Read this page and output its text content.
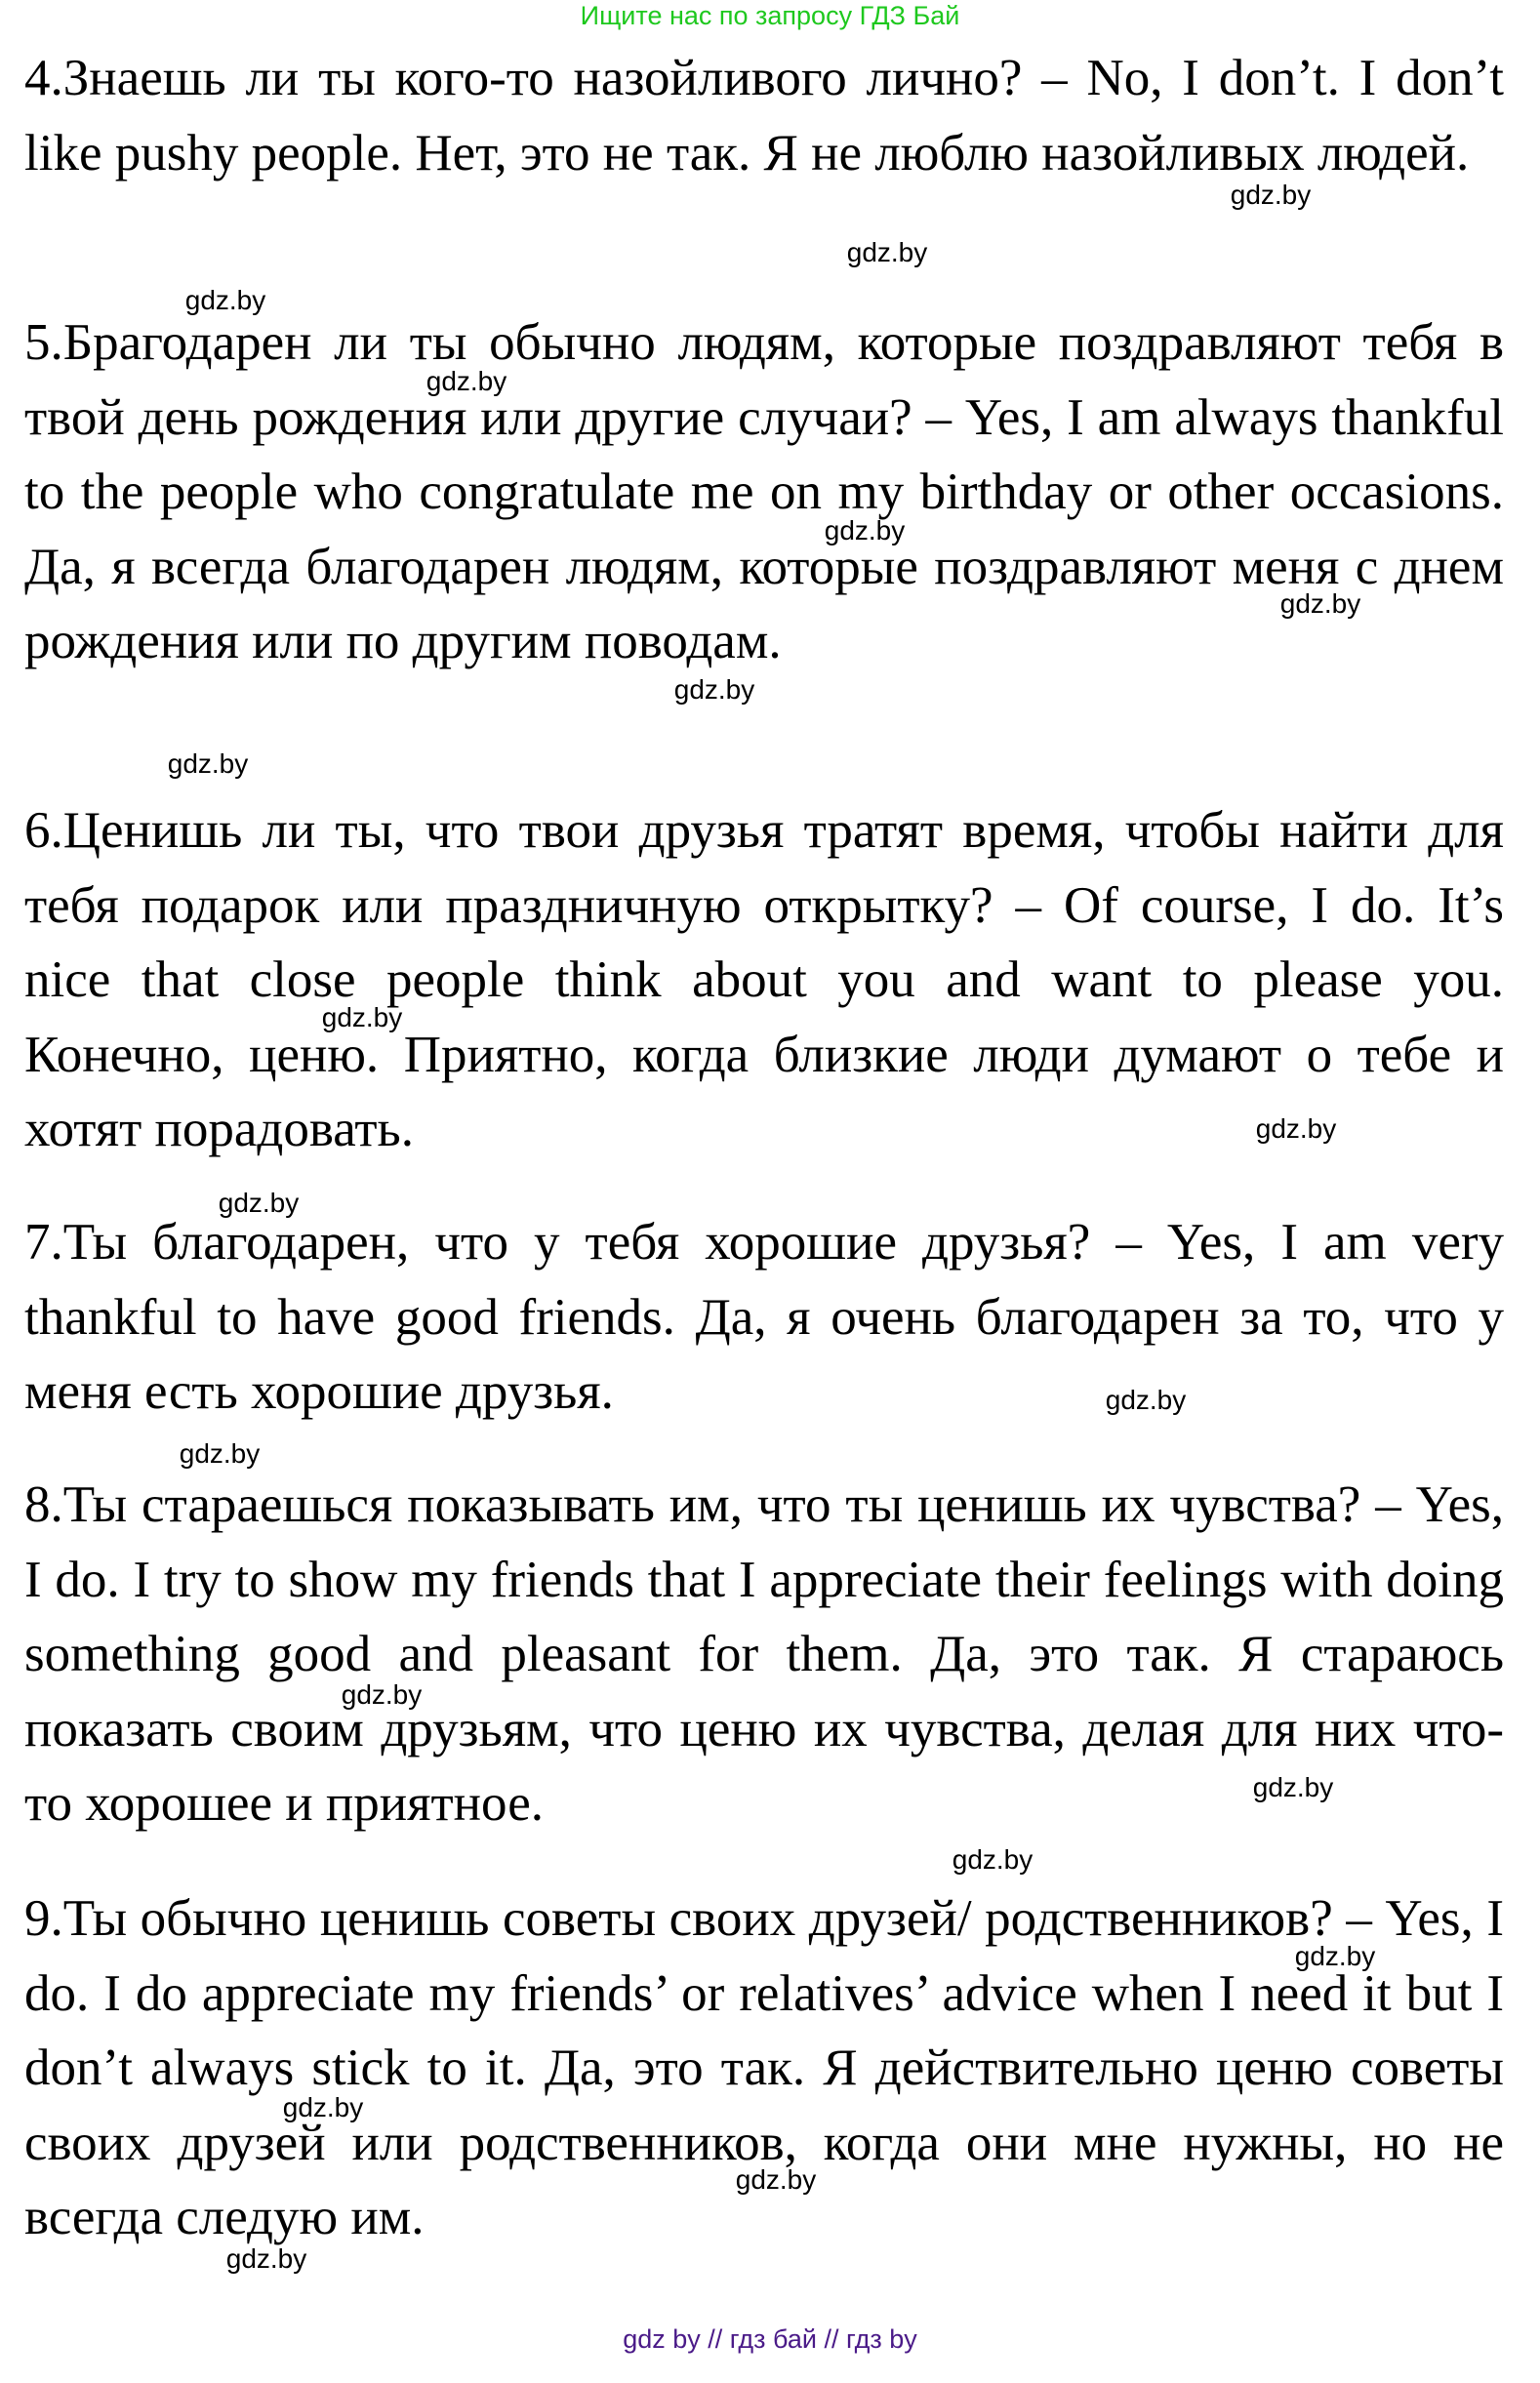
Ищите нас по запросу ГДЗ Бай

4.Знаешь ли ты кого-то назойливого лично? – No, I don’t. I don’t like pushy people. Нет, это не так. Я не люблю назойливых людей.

5.Брагодарен ли ты обычно людям, которые поздравляют тебя в твой день рождения или другие случаи? – Yes, I am always thankful to the people who congratulate me on my birthday or other occasions. Да, я всегда благодарен людям, которые поздравляют меня с днем рождения или по другим поводам.

6.Ценишь ли ты, что твои друзья тратят время, чтобы найти для тебя подарок или праздничную открытку? – Of course, I do. It’s nice that close people think about you and want to please you. Конечно, ценю. Приятно, когда близкие люди думают о тебе и хотят порадовать.

7.Ты благодарен, что у тебя хорошие друзья? – Yes, I am very thankful to have good friends. Да, я очень благодарен за то, что у меня есть хорошие друзья.

8.Ты стараешься показывать им, что ты ценишь их чувства? – Yes, I do. I try to show my friends that I appreciate their feelings with doing something good and pleasant for them. Да, это так. Я стараюсь показать своим друзьям, что ценю их чувства, делая для них что-то хорошее и приятное.

9.Ты обычно ценишь советы своих друзей/ родственников? – Yes, I do. I do appreciate my friends’ or relatives’ advice when I need it but I don’t always stick to it. Да, это так. Я действительно ценю советы своих друзей или родственников, когда они мне нужны, но не всегда следую им.

gdz.by
gdz.by
gdz.by
gdz.by
gdz.by
gdz.by
gdz.by
gdz.by
gdz.by
gdz.by
gdz.by
gdz.by
gdz.by
gdz.by
gdz.by
gdz.by
gdz.by
gdz.by
gdz.by
gdz.by
gdz by // гдз бай // гдз by
